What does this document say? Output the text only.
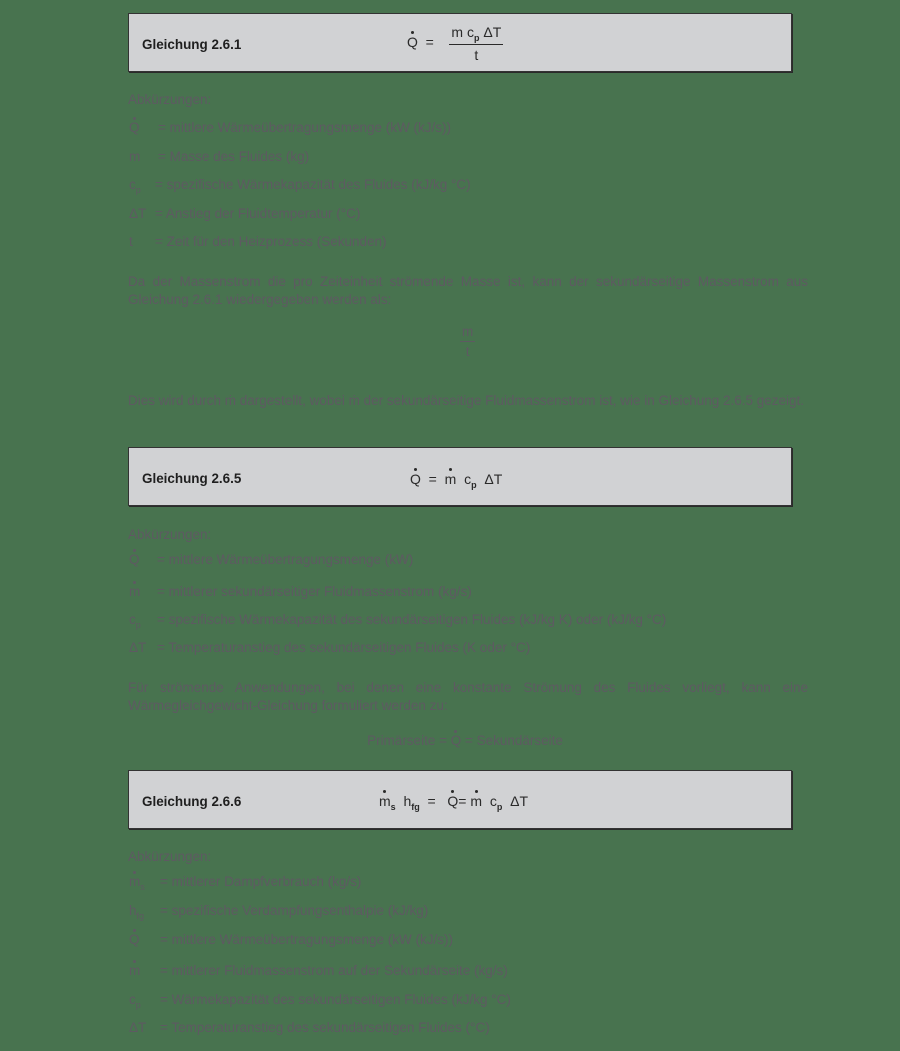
Gleichung 2.6.1	$Q = \frac{m c_p \Delta T}{t}$
Abkürzungen:
Q = mittlere Wärmeübertragungsmenge (kW (kJ/s))
m = Masse des Fluides (kg)
$c_p$ = spezifische Wärmekapazität des Fluides (kJ/kg °C)
ΔT = Anstieg der Fluidtemperatur (°C)
t = Zeit für den Heizprozess (Sekunden)
Da der Massenstrom die pro Zeiteinheit strömende Masse ist, kann der sekundärseitige Massenstrom aus Gleichung 2.6.1 wiedergegeben werden als:
$\frac{m}{t}$
Dies wird durch ṁ dargestellt, wobei ṁ der sekundärseitige Fluidmassenstrom ist, wie in Gleichung 2.6.5 gezeigt.
Gleichung 2.6.5	Q = m $c_p$ ΔT
Abkürzungen:
Q = mittlere Wärmeübertragungsmenge (kW)
m = mittlerer sekundärseitiger Fluidmassenstrom (kg/s)
$c_p$ = spezifische Wärmekapazität des sekundärseitigen Fluides (kJ/kg K) oder (kJ/kg °C)
ΔT = Temperaturanstieg des sekundärseitigen Fluides (K oder °C)
Für strömende Anwendungen, bei denen eine konstante Strömung des Fluides vorliegt, kann eine Wärmegleichgewicht-Gleichung formuliert werden zu:
Primärseite = Q = Sekundärseite
Gleichung 2.6.6	$m_s$ $h_{fg} = Q= m$ $c_p$ ΔT
Abkürzungen:
$m_s$ = mittlerer Dampfverbrauch (kg/s)
$h_{fg}$ = spezifische Verdampfungsenthalpie (kJ/kg)
Q = mittlere Wärmeübertragungsmenge (kW (kJ/s))
m = mittlerer Fluidmassenstrom auf der Sekundärseite (kg/s)
$c_p$ = Wärmekapazität des sekundärseitigen Fluides (kJ/kg °C)
ΔT = Temperaturanstieg des sekundärseitigen Fluides (°C)
